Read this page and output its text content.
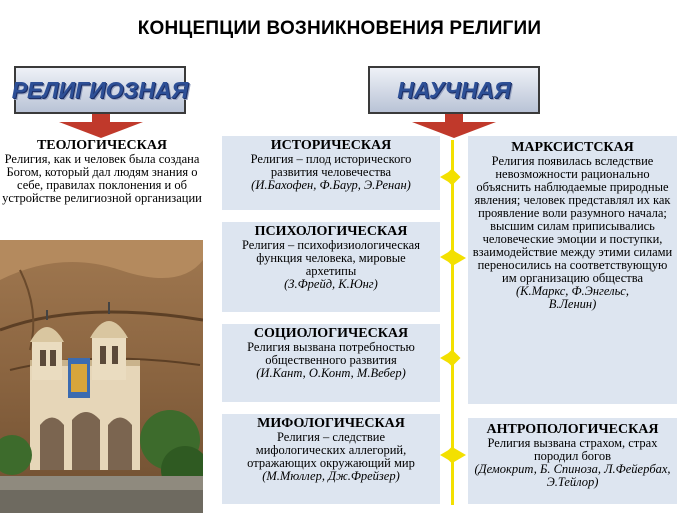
КОНЦЕПЦИИ ВОЗНИКНОВЕНИЯ РЕЛИГИИ
РЕЛИГИОЗНАЯ	НАУЧНАЯ
ТЕОЛОГИЧЕСКАЯ
Религия, как и человек была создана Богом, который дал людям знания о себе, правилах поклонения и об устройстве религиозной организации
ИСТОРИЧЕСКАЯ
Религия – плод исторического развития человечества
(И.Бахофен, Ф.Баур, Э.Ренан)
ПСИХОЛОГИЧЕСКАЯ
Религия – психофизиологическая функция человека, мировые архетипы
(З.Фрейд, К.Юнг)
СОЦИОЛОГИЧЕСКАЯ
Религия вызвана потребностью общественного развития
(И.Кант, О.Конт, М.Вебер)
МИФОЛОГИЧЕСКАЯ
Религия – следствие мифологических аллегорий, отражающих окружающий мир
(М.Мюллер, Дж.Фрейзер)
МАРКСИСТСКАЯ
Религия появилась вследствие невозможности рационально объяснить наблюдаемые природные явления; человек представлял их как проявление воли разумного начала; высшим силам приписывались человеческие эмоции и поступки, взаимодействие между этими силами переносились на соответствующую им организацию общества
(К.Маркс, Ф.Энгельс, В.Ленин)
АНТРОПОЛОГИЧЕСКАЯ
Религия вызвана страхом, страх породил богов
(Демокрит, Б. Спиноза, Л.Фейербах, Э.Тейлор)
